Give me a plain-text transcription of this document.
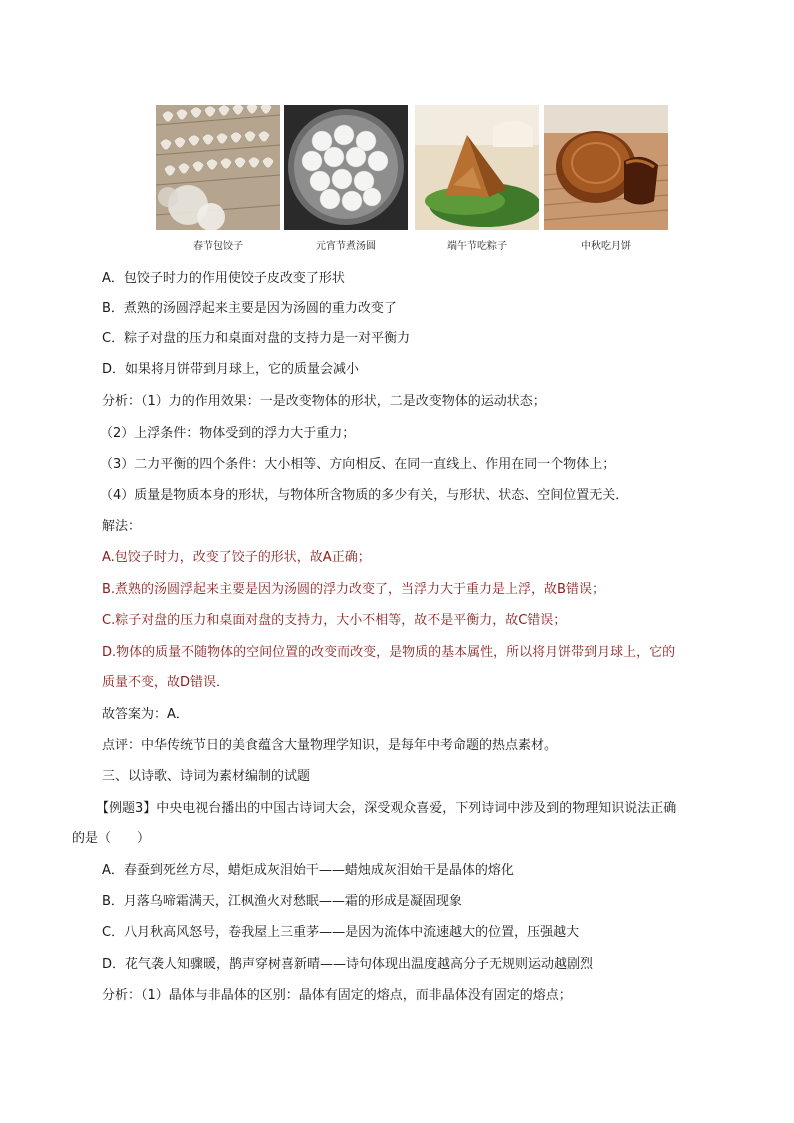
春节包饺子	元宵节煮汤圆	端午节吃粽子	中秋吃月饼
A．包饺子时力的作用使饺子皮改变了形状
B．煮熟的汤圆浮起来主要是因为汤圆的重力改变了
C．粽子对盘的压力和桌面对盘的支持力是一对平衡力
D．如果将月饼带到月球上，它的质量会减小
分析：（1）力的作用效果：一是改变物体的形状，二是改变物体的运动状态；
（2）上浮条件：物体受到的浮力大于重力；
（3）二力平衡的四个条件：大小相等、方向相反、在同一直线上、作用在同一个物体上；
（4）质量是物质本身的形状，与物体所含物质的多少有关，与形状、状态、空间位置无关．
解法：
A.包饺子时力，改变了饺子的形状，故A正确；
B.煮熟的汤圆浮起来主要是因为汤圆的浮力改变了，当浮力大于重力是上浮，故B错误；
C.粽子对盘的压力和桌面对盘的支持力，大小不相等，故不是平衡力，故C错误；
D.物体的质量不随物体的空间位置的改变而改变，是物质的基本属性，所以将月饼带到月球上，它的
质量不变，故D错误．
故答案为：A．
点评：中华传统节日的美食蕴含大量物理学知识，是每年中考命题的热点素材。
三、以诗歌、诗词为素材编制的试题
【例题3】中央电视台播出的中国古诗词大会，深受观众喜爱，下列诗词中涉及到的物理知识说法正确
的是（　　）
A．春蚕到死丝方尽，蜡炬成灰泪始干——蜡烛成灰泪始干是晶体的熔化
B．月落乌啼霜满天，江枫渔火对愁眠——霜的形成是凝固现象
C．八月秋高风怒号，卷我屋上三重茅——是因为流体中流速越大的位置，压强越大
D．花气袭人知骤暖，鹊声穿树喜新晴——诗句体现出温度越高分子无规则运动越剧烈
分析：（1）晶体与非晶体的区别：晶体有固定的熔点，而非晶体没有固定的熔点；
